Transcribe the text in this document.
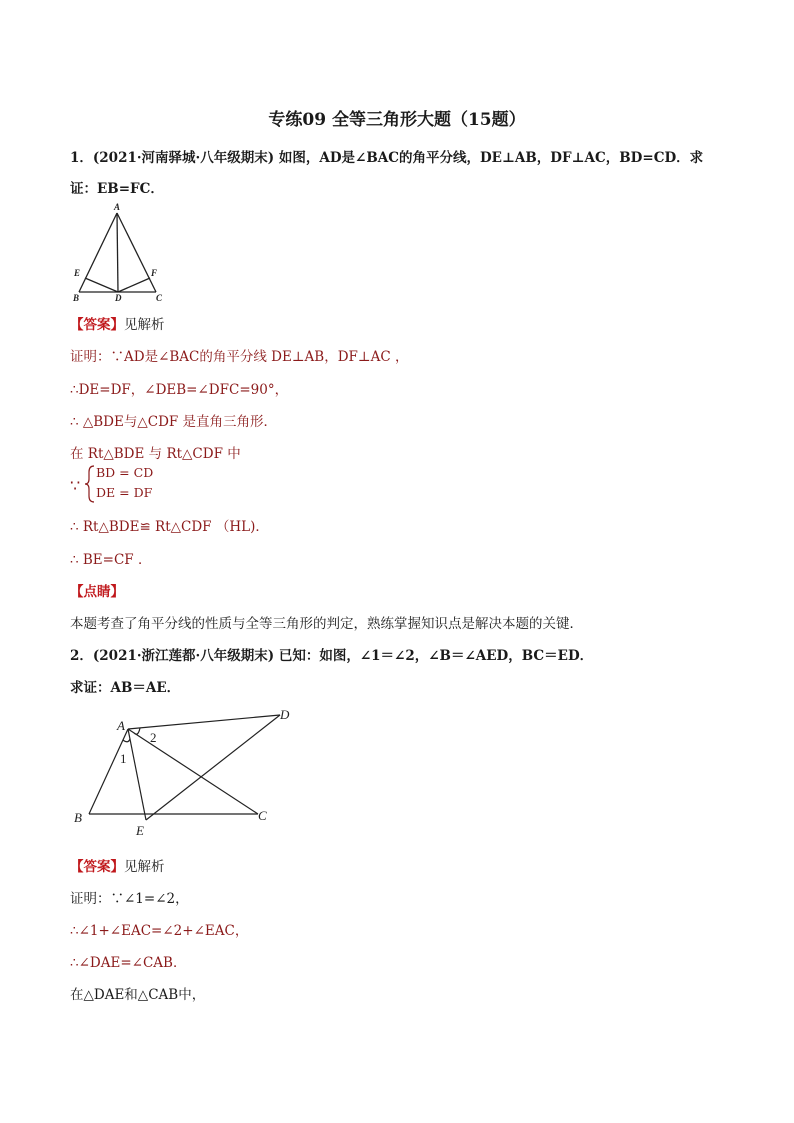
专练09 全等三角形大题（15题）
1．(2021·河南驿城·八年级期末) 如图，AD是∠BAC的角平分线，DE⊥AB，DF⊥AC，BD=CD．求
证：EB=FC．
A
E	F
B	D	C
【答案】见解析
证明：∵AD是∠BAC的角平分线 DE⊥AB，DF⊥AC ，
∴DE=DF，∠DEB=∠DFC=90°，
∴ △BDE与△CDF 是直角三角形．
在 Rt△BDE 与 Rt△CDF 中
∵
BD = CD
DE = DF
∴ Rt△BDE≌ Rt△CDF （HL)．
∴ BE=CF ．
【点睛】
本题考查了角平分线的性质与全等三角形的判定，熟练掌握知识点是解决本题的关键．
2．(2021·浙江莲都·八年级期末) 已知：如图，∠1＝∠2，∠B＝∠AED，BC＝ED．
求证：AB＝AE．
A
D
B
E
C
1
2
【答案】见解析
证明：∵∠1=∠2，
∴∠1+∠EAC=∠2+∠EAC，
∴∠DAE=∠CAB．
在△DAE和△CAB中，
